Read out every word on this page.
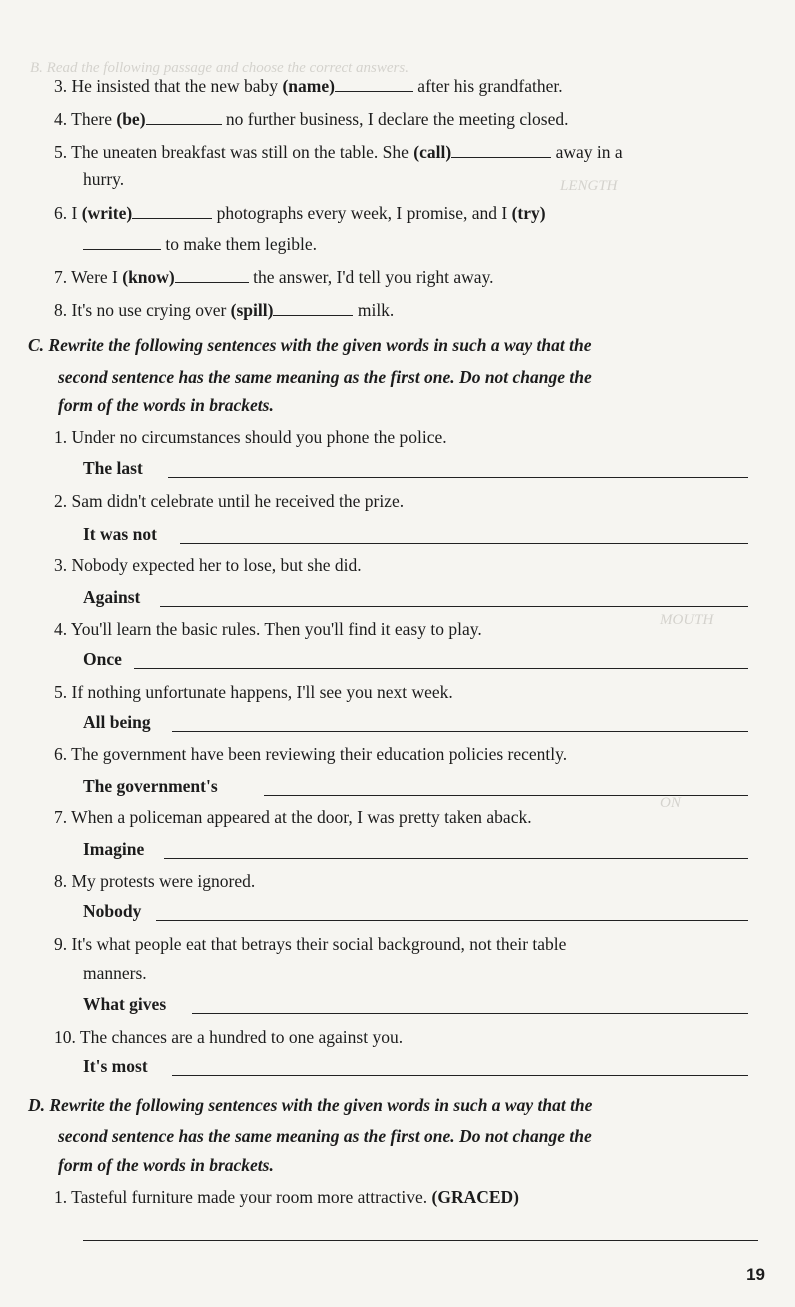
B. Read the following passage and choose the correct answers.
LENGTH
MOUTH
ON
3. He insisted that the new baby (name)	after his grandfather.
4. There (be)	no further business, I declare the meeting closed.
5. The uneaten breakfast was still on the table. She (call)	away in a
hurry.
6. I (write)	photographs every week, I promise, and I (try)
to make them legible.
7. Were I (know)	the answer, I'd tell you right away.
8. It's no use crying over (spill)	milk.
C. Rewrite the following sentences with the given words in such a way that the
second sentence has the same meaning as the first one. Do not change the
form of the words in brackets.
1. Under no circumstances should you phone the police.
The last
2. Sam didn't celebrate until he received the prize.
It was not
3. Nobody expected her to lose, but she did.
Against
4. You'll learn the basic rules. Then you'll find it easy to play.
Once
5. If nothing unfortunate happens, I'll see you next week.
All being
6. The government have been reviewing their education policies recently.
The government's
7. When a policeman appeared at the door, I was pretty taken aback.
Imagine
8. My protests were ignored.
Nobody
9. It's what people eat that betrays their social background, not their table
manners.
What gives
10. The chances are a hundred to one against you.
It's most
D. Rewrite the following sentences with the given words in such a way that the
second sentence has the same meaning as the first one. Do not change the
form of the words in brackets.
1. Tasteful furniture made your room more attractive. (GRACED)
19
